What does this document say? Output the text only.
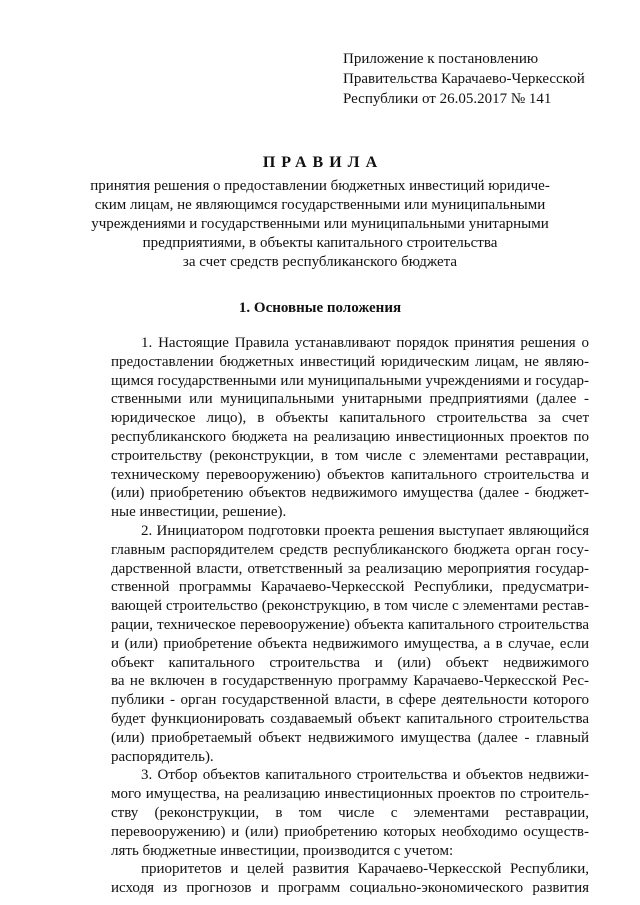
Приложение к постановлению
Правительства Карачаево-Черкесской
Республики от 26.05.2017 № 141
ПРАВИЛА
принятия решения о предоставлении бюджетных инвестиций юридиче-
ским лицам, не являющимся государственными или муниципальными
учреждениями и государственными или муниципальными унитарными
предприятиями, в объекты капитального строительства
за счет средств республиканского бюджета
1. Основные положения
1. Настоящие Правила устанавливают порядок принятия решения о
предоставлении бюджетных инвестиций юридическим лицам, не являю-
щимся государственными или муниципальными учреждениями и государ-
ственными или муниципальными унитарными предприятиями (далее -
юридическое лицо), в объекты капитального строительства за счет
республиканского бюджета на реализацию инвестиционных проектов по
строительству (реконструкции, в том числе с элементами реставрации,
техническому перевооружению) объектов капитального строительства и
(или) приобретению объектов недвижимого имущества (далее - бюджет-
ные инвестиции, решение).
2. Инициатором подготовки проекта решения выступает являющийся
главным распорядителем средств республиканского бюджета орган госу-
дарственной власти, ответственный за реализацию мероприятия государ-
ственной программы Карачаево-Черкесской Республики, предусматри-
вающей строительство (реконструкцию, в том числе с элементами рестав-
рации, техническое перевооружение) объекта капитального строительства
и (или) приобретение объекта недвижимого имущества, а в случае, если
объект капитального строительства и (или) объект недвижимого
ва не включен в государственную программу Карачаево-Черкесской Рес-
публики - орган государственной власти, в сфере деятельности которого
будет функционировать создаваемый объект капитального строительства
(или) приобретаемый объект недвижимого имущества (далее - главный
распорядитель).
3. Отбор объектов капитального строительства и объектов недвижи-
мого имущества, на реализацию инвестиционных проектов по строитель-
ству (реконструкции, в том числе с элементами реставрации,
перевооружению) и (или) приобретению которых необходимо осуществ-
лять бюджетные инвестиции, производится с учетом:
приоритетов и целей развития Карачаево-Черкесской Республики,
исходя из прогнозов и программ социально-экономического развития
